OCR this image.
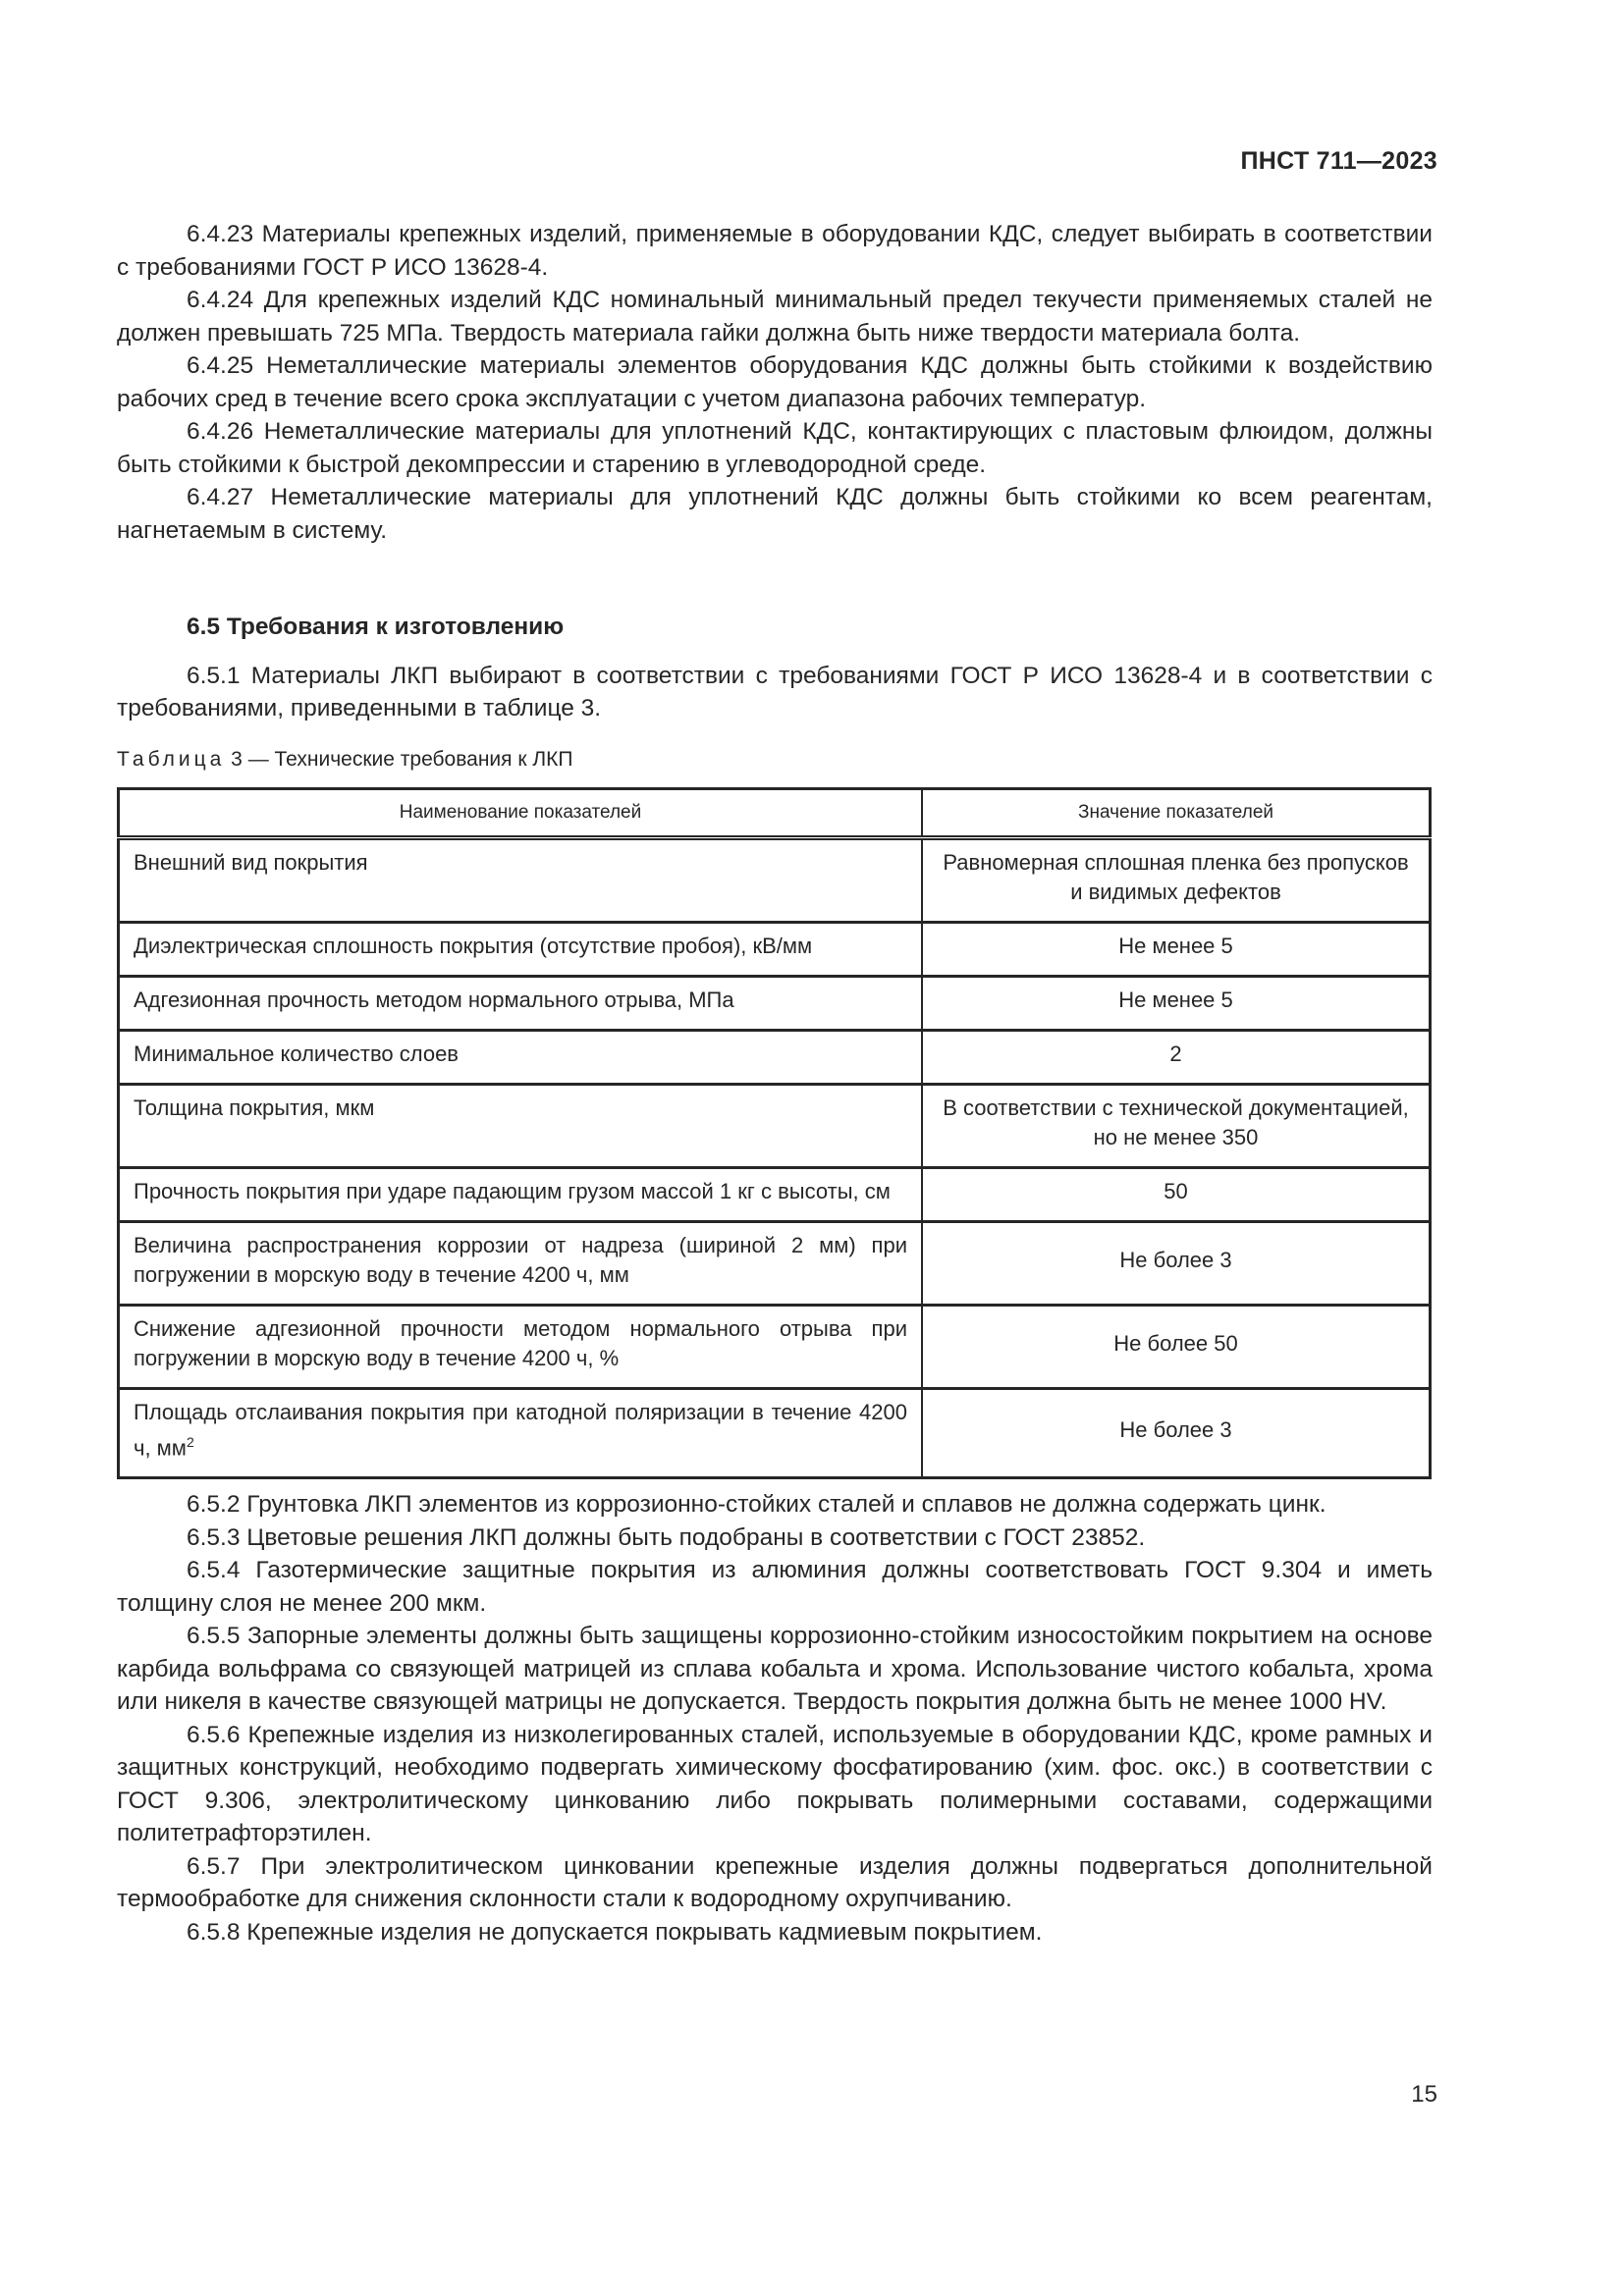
ПНСТ 711—2023

6.4.23 Материалы крепежных изделий, применяемые в оборудовании КДС, следует выбирать в соответствии с требованиями ГОСТ Р ИСО 13628-4.

6.4.24 Для крепежных изделий КДС номинальный минимальный предел текучести применяемых сталей не должен превышать 725 МПа. Твердость материала гайки должна быть ниже твердости материала болта.

6.4.25 Неметаллические материалы элементов оборудования КДС должны быть стойкими к воздействию рабочих сред в течение всего срока эксплуатации с учетом диапазона рабочих температур.

6.4.26 Неметаллические материалы для уплотнений КДС, контактирующих с пластовым флюидом, должны быть стойкими к быстрой декомпрессии и старению в углеводородной среде.

6.4.27 Неметаллические материалы для уплотнений КДС должны быть стойкими ко всем реагентам, нагнетаемым в систему.

6.5 Требования к изготовлению

6.5.1 Материалы ЛКП выбирают в соответствии с требованиями ГОСТ Р ИСО 13628-4 и в соответствии с требованиями, приведенными в таблице 3.

Таблица 3 — Технические требования к ЛКП

Наименование показателей	Значение показателей
Внешний вид покрытия	Равномерная сплошная пленка без пропусков и видимых дефектов
Диэлектрическая сплошность покрытия (отсутствие пробоя), кВ/мм	Не менее 5
Адгезионная прочность методом нормального отрыва, МПа	Не менее 5
Минимальное количество слоев	2
Толщина покрытия, мкм	В соответствии с технической документацией, но не менее 350
Прочность покрытия при ударе падающим грузом массой 1 кг с высоты, см	50
Величина распространения коррозии от надреза (шириной 2 мм) при погружении в морскую воду в течение 4200 ч, мм	Не более 3
Снижение адгезионной прочности методом нормального отрыва при погружении в морскую воду в течение 4200 ч, %	Не более 50
Площадь отслаивания покрытия при катодной поляризации в течение 4200 ч, $мм^2$	Не более 3

6.5.2 Грунтовка ЛКП элементов из коррозионно-стойких сталей и сплавов не должна содержать цинк.

6.5.3 Цветовые решения ЛКП должны быть подобраны в соответствии с ГОСТ 23852.

6.5.4 Газотермические защитные покрытия из алюминия должны соответствовать ГОСТ 9.304 и иметь толщину слоя не менее 200 мкм.

6.5.5 Запорные элементы должны быть защищены коррозионно-стойким износостойким покрытием на основе карбида вольфрама со связующей матрицей из сплава кобальта и хрома. Использование чистого кобальта, хрома или никеля в качестве связующей матрицы не допускается. Твердость покрытия должна быть не менее 1000 HV.

6.5.6 Крепежные изделия из низколегированных сталей, используемые в оборудовании КДС, кроме рамных и защитных конструкций, необходимо подвергать химическому фосфатированию (хим. фос. окс.) в соответствии с ГОСТ 9.306, электролитическому цинкованию либо покрывать полимерными составами, содержащими политетрафторэтилен.

6.5.7 При электролитическом цинковании крепежные изделия должны подвергаться дополнительной термообработке для снижения склонности стали к водородному охрупчиванию.

6.5.8 Крепежные изделия не допускается покрывать кадмиевым покрытием.

15
